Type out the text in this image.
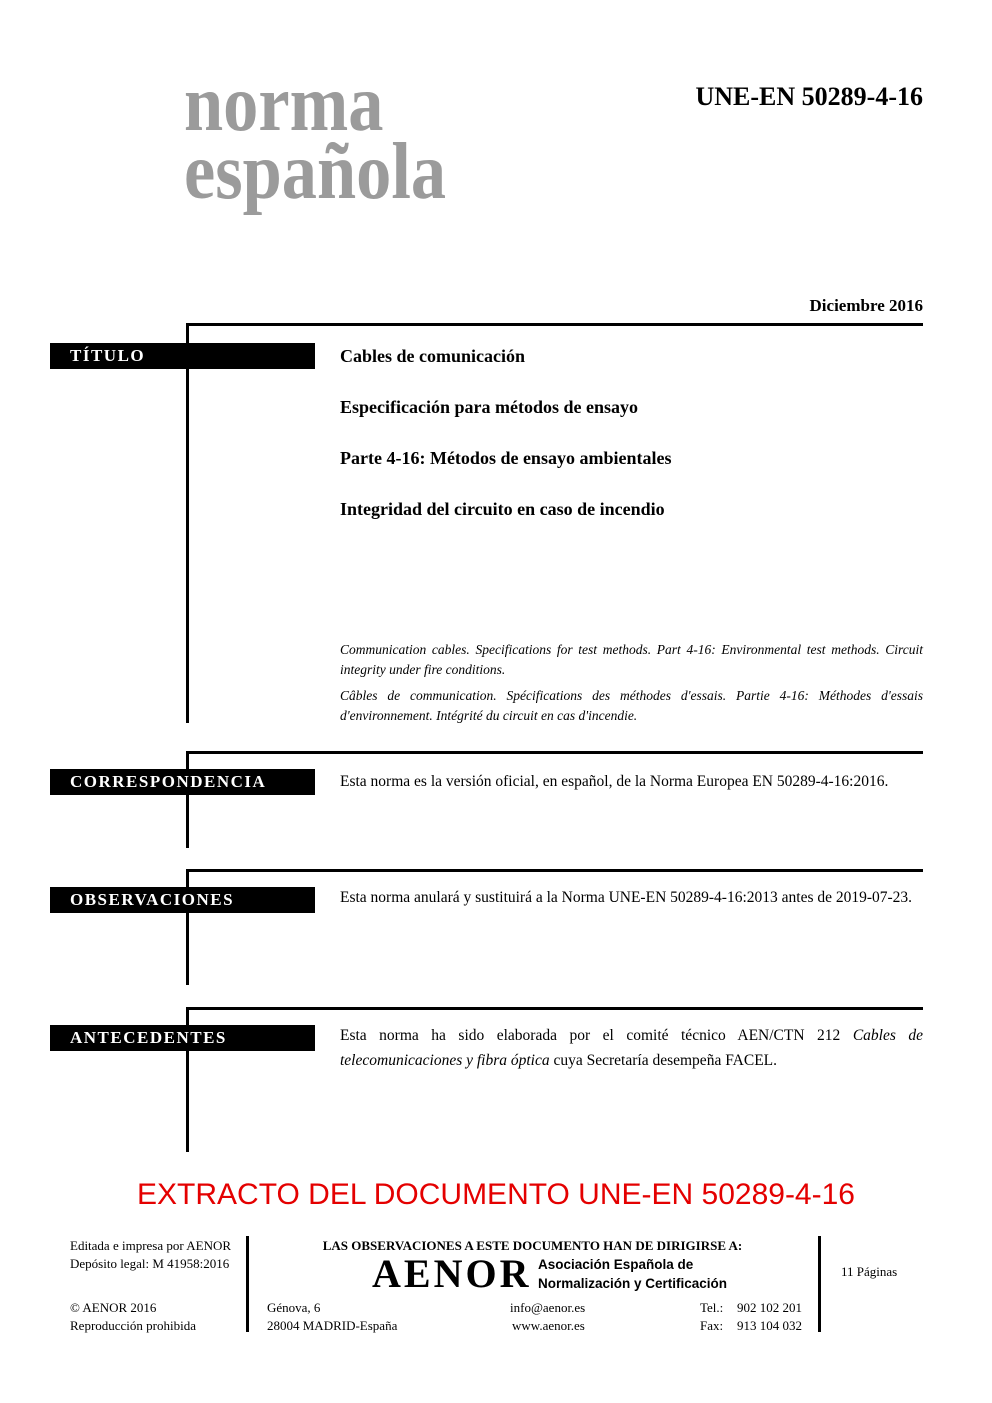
norma
española
UNE-EN 50289-4-16
Diciembre 2016
TÍTULO	Cables de comunicación
Especificación para métodos de ensayo
Parte 4-16: Métodos de ensayo ambientales
Integridad del circuito en caso de incendio
Communication cables. Specifications for test methods. Part 4-16: Environmental test methods. Circuit integrity under fire conditions.
Câbles de communication. Spécifications des méthodes d'essais. Partie 4-16: Méthodes d'essais d'environnement. Intégrité du circuit en cas d'incendie.
CORRESPONDENCIA	Esta norma es la versión oficial, en español, de la Norma Europea EN 50289-4-16:2016.
OBSERVACIONES	Esta norma anulará y sustituirá a la Norma UNE-EN 50289-4-16:2013 antes de 2019-07-23.
ANTECEDENTES	Esta norma ha sido elaborada por el comité técnico AEN/CTN 212 Cables de telecomunicaciones y fibra óptica cuya Secretaría desempeña FACEL.
EXTRACTO DEL DOCUMENTO UNE-EN 50289-4-16
Editada e impresa por AENOR
Depósito legal: M 41958:2016
© AENOR 2016
Reproducción prohibida
LAS OBSERVACIONES A ESTE DOCUMENTO HAN DE DIRIGIRSE A:
AENOR Asociación Española de
Normalización y Certificación
Génova, 6
28004 MADRID-España
info@aenor.es
www.aenor.es
Tel.: 902 102 201
Fax: 913 104 032
11 Páginas
